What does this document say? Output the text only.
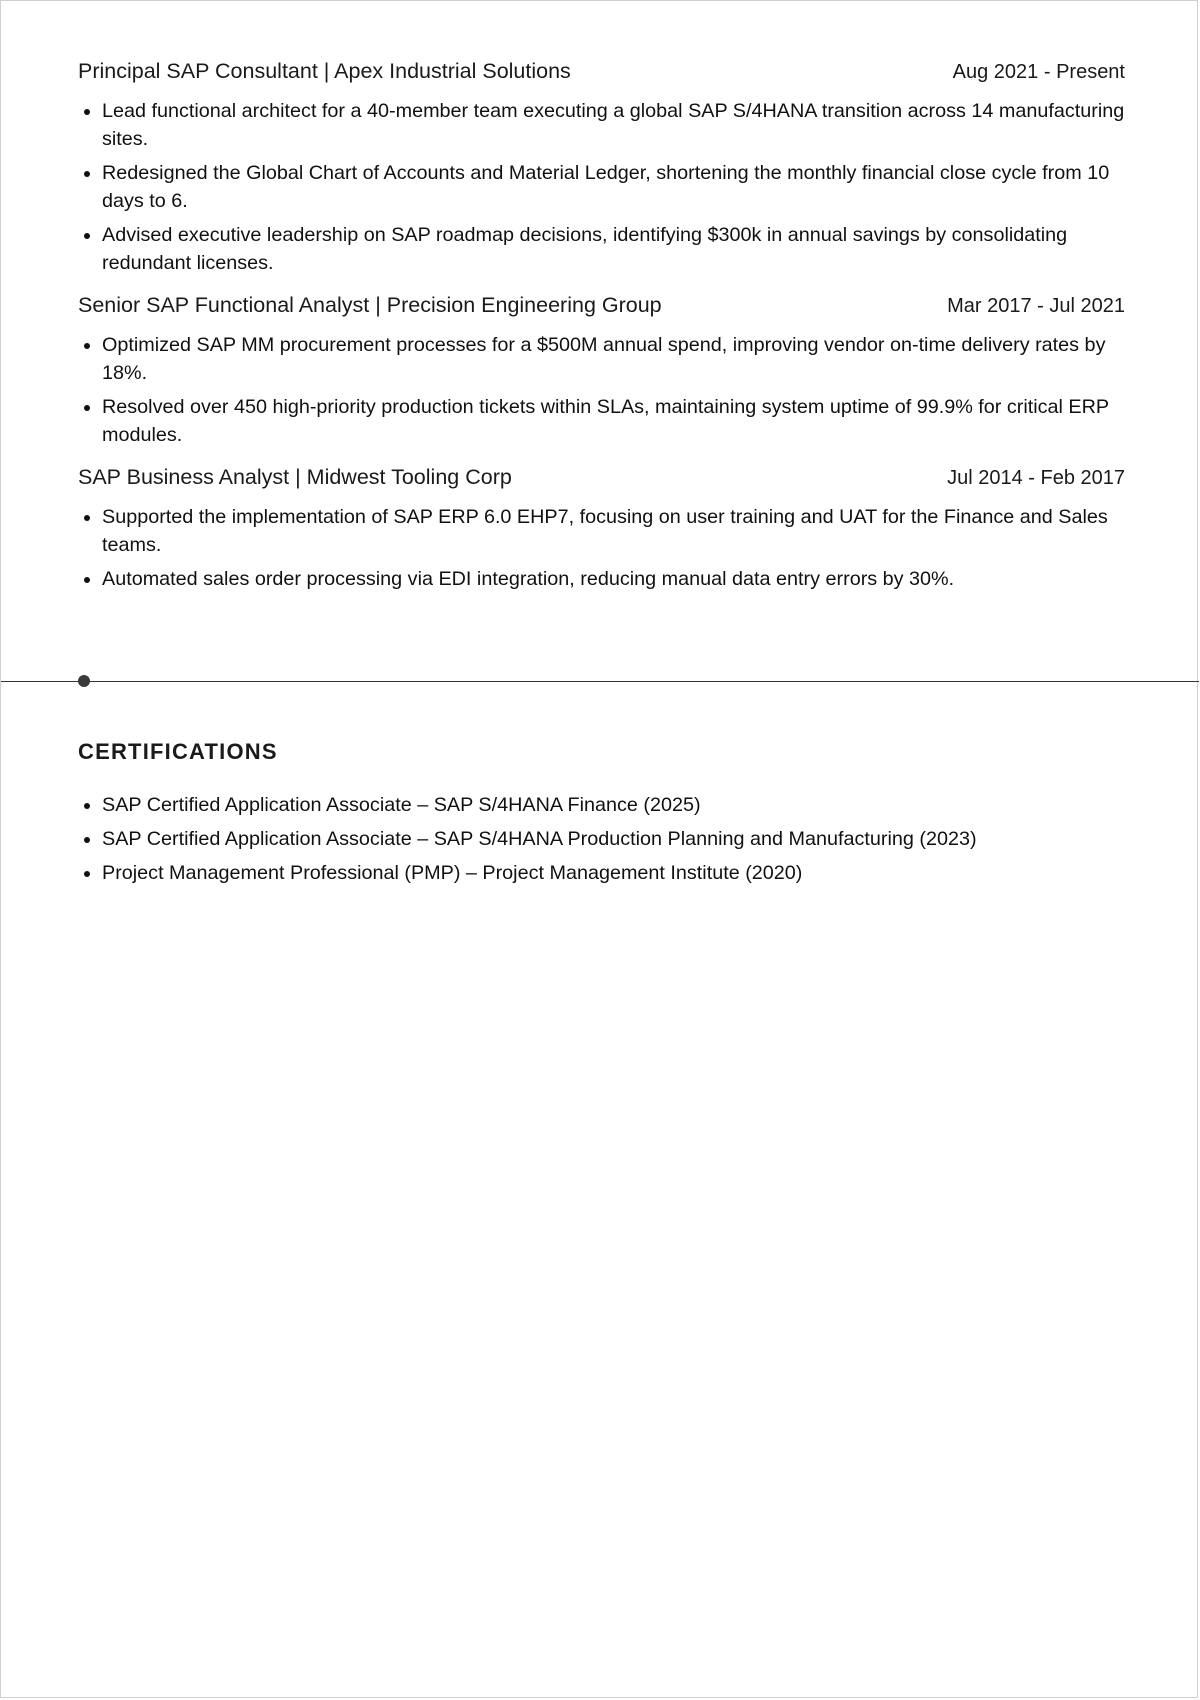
Principal SAP Consultant | Apex Industrial Solutions	Aug 2021 - Present
• Lead functional architect for a 40-member team executing a global SAP S/4HANA transition across 14 manufacturing sites.
• Redesigned the Global Chart of Accounts and Material Ledger, shortening the monthly financial close cycle from 10 days to 6.
• Advised executive leadership on SAP roadmap decisions, identifying $300k in annual savings by consolidating redundant licenses.
Senior SAP Functional Analyst | Precision Engineering Group	Mar 2017 - Jul 2021
• Optimized SAP MM procurement processes for a $500M annual spend, improving vendor on-time delivery rates by 18%.
• Resolved over 450 high-priority production tickets within SLAs, maintaining system uptime of 99.9% for critical ERP modules.
SAP Business Analyst | Midwest Tooling Corp	Jul 2014 - Feb 2017
• Supported the implementation of SAP ERP 6.0 EHP7, focusing on user training and UAT for the Finance and Sales teams.
• Automated sales order processing via EDI integration, reducing manual data entry errors by 30%.
CERTIFICATIONS
• SAP Certified Application Associate – SAP S/4HANA Finance (2025)
• SAP Certified Application Associate – SAP S/4HANA Production Planning and Manufacturing (2023)
• Project Management Professional (PMP) – Project Management Institute (2020)
